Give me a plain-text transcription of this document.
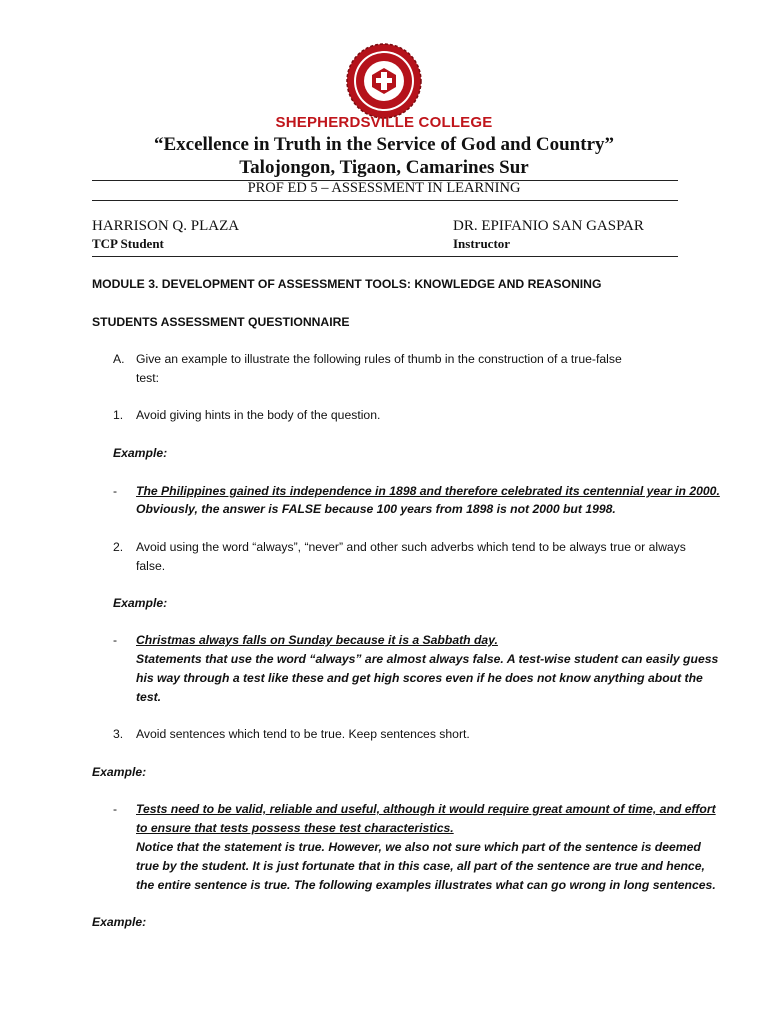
SHEPHERDSVILLE COLLEGE
“Excellence in Truth in the Service of God and Country”
Talojongon, Tigaon, Camarines Sur
PROF ED 5 – ASSESSMENT IN LEARNING
HARRISON Q. PLAZA
TCP Student
DR. EPIFANIO SAN GASPAR
Instructor
MODULE 3. DEVELOPMENT OF ASSESSMENT TOOLS: KNOWLEDGE AND REASONING
STUDENTS ASSESSMENT QUESTIONNAIRE
A. Give an example to illustrate the following rules of thumb in the construction of a true-false
test:
1. Avoid giving hints in the body of the question.
Example:
- The Philippines gained its independence in 1898 and therefore celebrated its centennial year in 2000.
Obviously, the answer is FALSE because 100 years from 1898 is not 2000 but 1998.
2. Avoid using the word “always”, “never” and other such adverbs which tend to be always true or always
false.
Example:
- Christmas always falls on Sunday because it is a Sabbath day.
Statements that use the word “always” are almost always false. A test-wise student can easily guess
his way through a test like these and get high scores even if he does not know anything about the
test.
3. Avoid sentences which tend to be true. Keep sentences short.
Example:
- Tests need to be valid, reliable and useful, although it would require great amount of time, and effort
to ensure that tests possess these test characteristics.
Notice that the statement is true. However, we also not sure which part of the sentence is deemed
true by the student. It is just fortunate that in this case, all part of the sentence are true and hence,
the entire sentence is true. The following examples illustrates what can go wrong in long sentences.
Example:
